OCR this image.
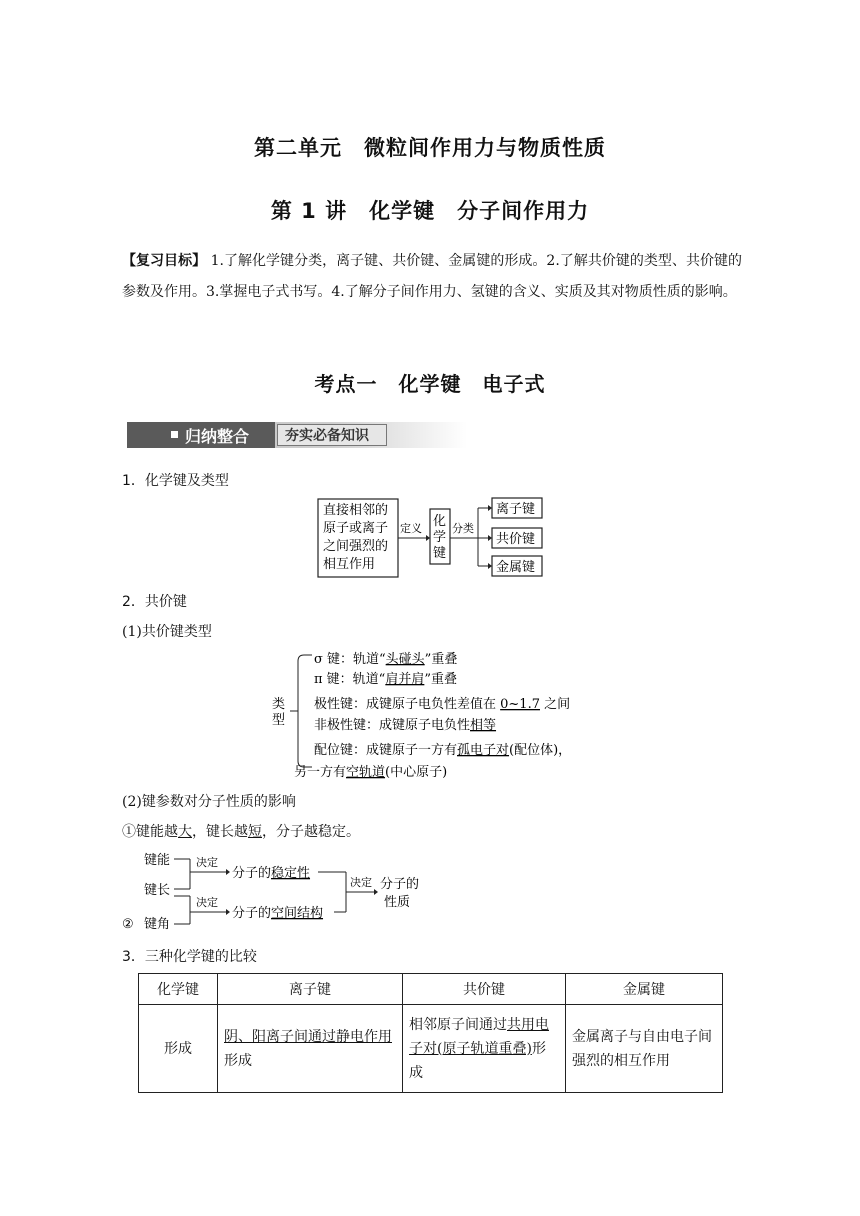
第二单元　微粒间作用力与物质性质
第 1 讲　化学键　分子间作用力
【复习目标】 1.了解化学键分类，离子键、共价键、金属键的形成。2.了解共价键的类型、共价键的参数及作用。3.掌握电子式书写。4.了解分子间作用力、氢键的含义、实质及其对物质性质的影响。
考点一　化学键　电子式
归纳整合	夯实必备知识
1．化学键及类型
直接相邻的
原子或离子
之间强烈的
相互作用
定义 化
学
键
分类
离子键
共价键
金属键
2．共价键
(1)共价键类型
类
型
σ 键：轨道“头碰头”重叠
π 键：轨道“肩并肩”重叠
极性键：成键原子电负性差值在 0~1.7 之间
非极性键：成键原子电负性相等
配位键：成键原子一方有孤电子对(配位体)，
另一方有空轨道(中心原子)
(2)键参数对分子性质的影响
①键能越大，键长越短，分子越稳定。
键能
键长
② 键角
决定
分子的稳定性
决定
分子的空间结构
决定 分子的
性质
3．三种化学键的比较
化学键	离子键	共价键	金属键
形成	阴、阳离子间通过静电作用形成	相邻原子间通过共用电子对(原子轨道重叠)形成	金属离子与自由电子间强烈的相互作用
